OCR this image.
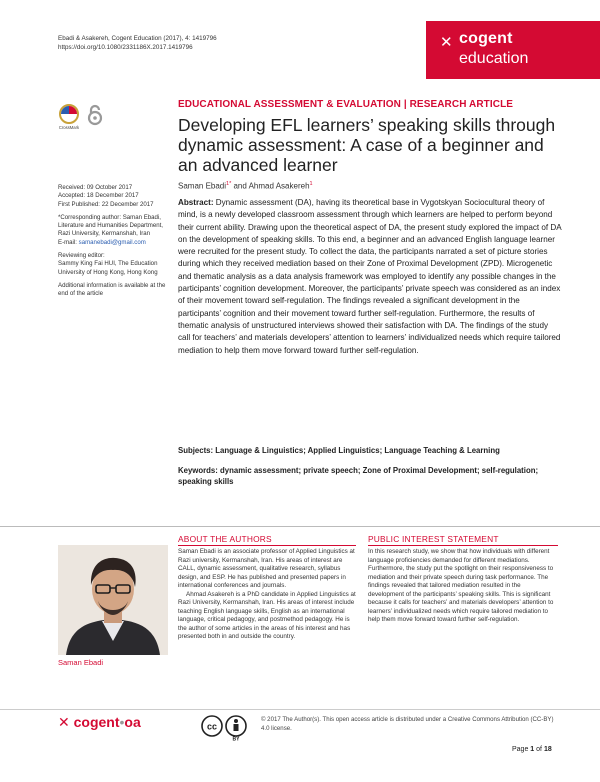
Ebadi & Asakereh, Cogent Education (2017), 4: 1419796
https://doi.org/10.1080/2331186X.2017.1419796	✕ cogent
education
CrossMark
EDUCATIONAL ASSESSMENT & EVALUATION | RESEARCH ARTICLE
Developing EFL learners’ speaking skills through dynamic assessment: A case of a beginner and an advanced learner
Saman Ebadi$^{1*}$ and Ahmad Asakereh$^1$

Received: 09 October 2017
Accepted: 18 December 2017
First Published: 22 December 2017

*Corresponding author: Saman Ebadi, Literature and Humanities Department, Razi University, Kermanshah, Iran
E-mail: samanebadi@gmail.com

Reviewing editor:
Sammy King Fai HUI, The Education University of Hong Kong, Hong Kong

Additional information is available at the end of the article

Abstract: Dynamic assessment (DA), having its theoretical base in Vygotskyan Sociocultural theory of mind, is a newly developed classroom assessment through which learners are helped to perform beyond their current ability. Drawing upon the theoretical aspect of DA, the present study explored the impact of DA on the development of speaking skills. To this end, a beginner and an advanced English language learner were recruited for the present study. To collect the data, the participants narrated a set of picture stories during which they received mediation based on their Zone of Proximal Development (ZPD). Microgenetic and thematic analysis as a data analysis framework was employed to identify any possible changes in the participants’ cognition development. Moreover, the participants’ private speech was considered as an index of their movement toward self-regulation. The findings revealed a significant development in the participants’ cognition and their movement toward further self-regulation. Furthermore, the results of thematic analysis of unstructured interviews showed their satisfaction with DA. The findings of the study call for teachers’ and materials developers’ attention to learners’ individualized needs which require tailored mediation to help them move forward toward further self-regulation.
Subjects: Language & Linguistics; Applied Linguistics; Language Teaching & Learning
Keywords: dynamic assessment; private speech; Zone of Proximal Development; self-regulation; speaking skills
ABOUT THE AUTHORS	PUBLIC INTEREST STATEMENT
Saman Ebadi

Saman Ebadi is an associate professor of Applied Linguistics at Razi university, Kermanshah, Iran. His areas of interest are CALL, dynamic assessment, qualitative research, syllabus design, and ESP. He has published and presented papers in international conferences and journals.

Ahmad Asakereh is a PhD candidate in Applied Linguistics at Razi University, Kermanshah, Iran. His areas of interest include teaching English language skills, English as an international language, critical pedagogy, and postmethod pedagogy. He is the author of some articles in the areas of his interest and has presented both in and outside the country.

In this research study, we show that how individuals with different language proficiencies demanded for different mediations. Furthermore, the study put the spotlight on their responsiveness to mediation and their private speech during task performance. The findings revealed that tailored mediation resulted in the development of the participants’ speaking skills. This is significant because it calls for teachers’ and materials developers’ attention to learners’ individualized needs which require tailored mediation to help them move forward toward further self-regulation.
✕ cogent•oa	cc
BY
© 2017 The Author(s). This open access article is distributed under a Creative Commons Attribution (CC-BY) 4.0 license.
Page 1 of 18
